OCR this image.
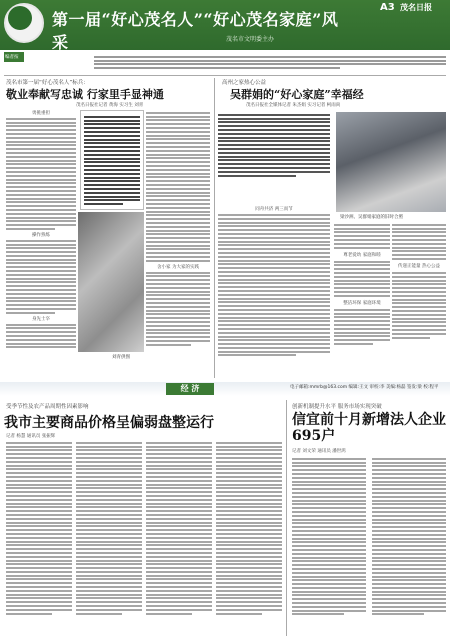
第一届“好心茂名人”“好心茂名家庭”风采	茂名市文明委主办
A3 茂名日报
编者按
茂名市第一届“好心茂名人”标兵：
敬业奉献写忠诚 行家里手显神通
茂名日报社记者 黄海 实习生 刘青
勇挑重担
操作熟练
身先士卒
舍小家 为大家的实践
刘青供图
高州之家热心公益
吴群娟的“好心家庭”幸福经
茂名日报社全媒体记者 朱杰娟 实习记者 柯雨尚
梁沙洲、吴群娟家庭的旧时合照
同舟共济 两三而节
尊老爱幼 家庭和睦
整洁环保 家庭环境
传递正能量 热心公益
经 济	电子邮箱:mmrb@163.com 编辑:王文 审校:李 美编:杨磊 签发:梁 校:程平
受季节性及农产品周期性因素影响
我市主要商品价格呈偏弱盘整运行
记者 杨慧 通讯员 张振辉
创新机制提升水平 服务市场实现突破
信宜前十月新增法人企业695户
记者 刘文荣 通讯员 潘世鸿
